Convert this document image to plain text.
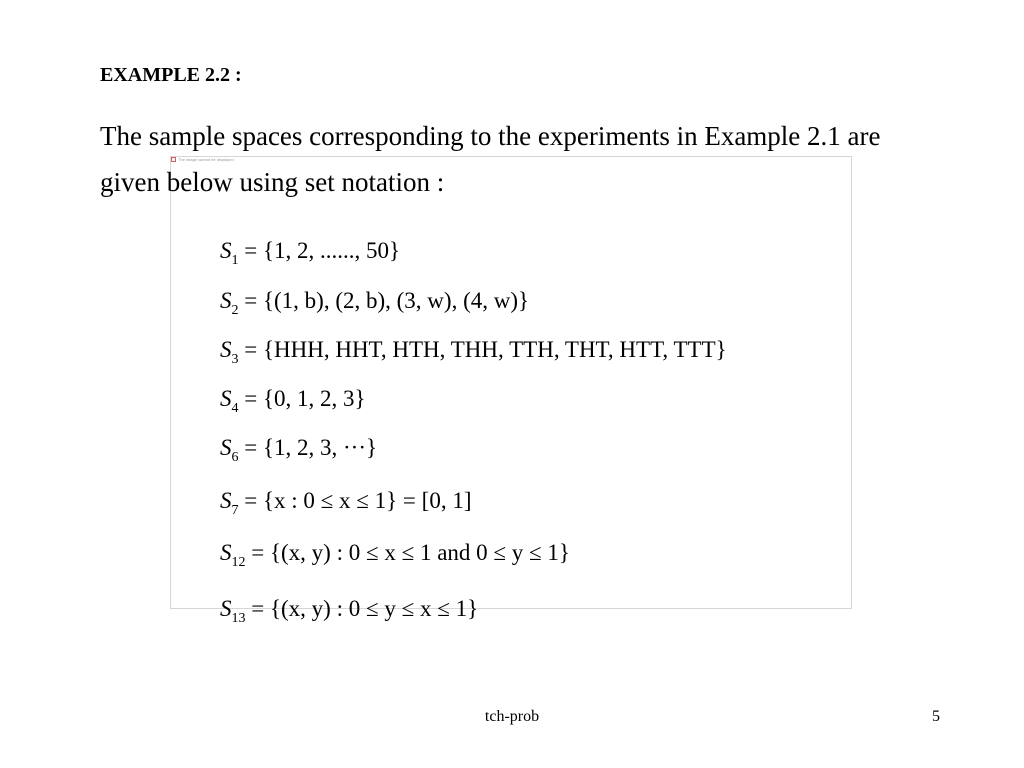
EXAMPLE 2.2 :
The image cannot be displayed
The sample spaces corresponding to the experiments in Example 2.1 are given below using set notation :
$S_1 = \{1$, 2, ......, 50}
$S_2 = \{(1$, b), (2, b), (3, w), (4, w)}
$S_3 = \{HHH$, HHT, HTH, THH, TTH, THT, HTT, TTT}
$S_4 = \{0$, 1, 2, 3}
$S_6 = \{1$, 2, 3, ···}
$S_7 = \{x$ : 0 ≤ x ≤ 1} = [0, 1]
$S_{12} = \{(x$, y) : 0 ≤ x ≤ 1 and 0 ≤ y ≤ 1}
$S_{13} = \{(x$, y) : 0 ≤ y ≤ x ≤ 1}
tch-prob	5
